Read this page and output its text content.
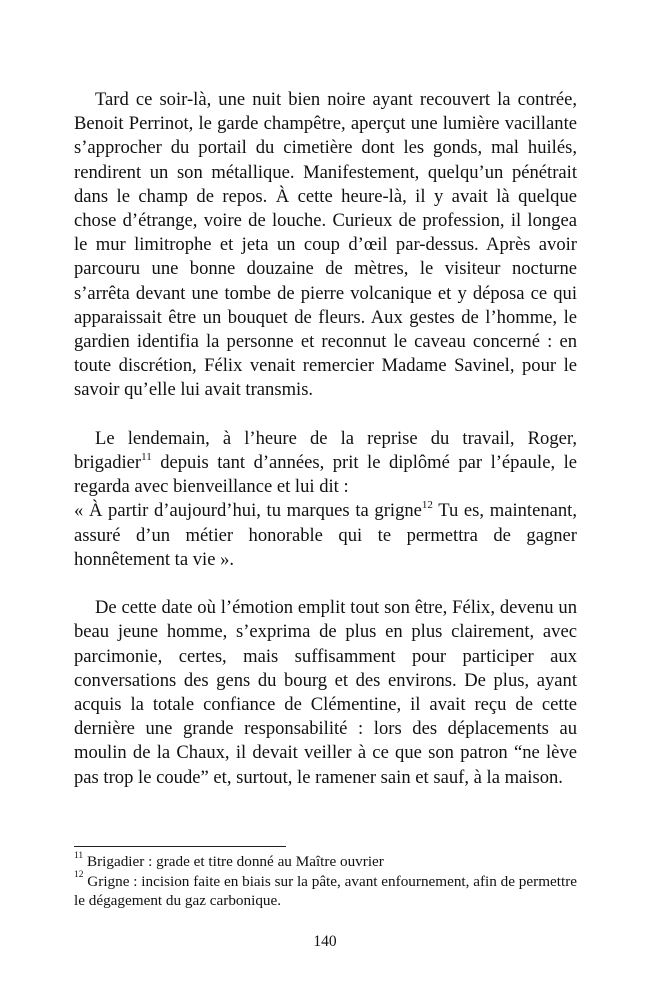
Tard ce soir-là, une nuit bien noire ayant recouvert la contrée, Benoit Perrinot, le garde champêtre, aperçut une lumière vacillante s’approcher du portail du cimetière dont les gonds, mal huilés, rendirent un son métallique. Manifestement, quelqu’un pénétrait dans le champ de repos. À cette heure-là, il y avait là quelque chose d’étrange, voire de louche. Curieux de profession, il longea le mur limitrophe et jeta un coup d’œil par-dessus. Après avoir parcouru une bonne douzaine de mètres, le visiteur nocturne s’arrêta devant une tombe de pierre volcanique et y déposa ce qui apparaissait être un bouquet de fleurs. Aux gestes de l’homme, le gardien identifia la personne et reconnut le caveau concerné : en toute discrétion, Félix venait remercier Madame Savinel, pour le savoir qu’elle lui avait transmis.

Le lendemain, à l’heure de la reprise du travail, Roger, brigadier$^{11}$ depuis tant d’années, prit le diplômé par l’épaule, le regarda avec bienveillance et lui dit :
« À partir d’aujourd’hui, tu marques ta grigne$^{12}$ Tu es, maintenant, assuré d’un métier honorable qui te permettra de gagner honnêtement ta vie ».

De cette date où l’émotion emplit tout son être, Félix, devenu un beau jeune homme, s’exprima de plus en plus clairement, avec parcimonie, certes, mais suffisamment pour participer aux conversations des gens du bourg et des environs. De plus, ayant acquis la totale confiance de Clémentine, il avait reçu de cette dernière une grande responsabilité : lors des déplacements au moulin de la Chaux, il devait veiller à ce que son patron “ne lève pas trop le coude” et, surtout, le ramener sain et sauf, à la maison.

$^{11}$ Brigadier : grade et titre donné au Maître ouvrier

$^{12}$ Grigne : incision faite en biais sur la pâte, avant enfournement, afin de permettre le dégagement du gaz carbonique.

140
